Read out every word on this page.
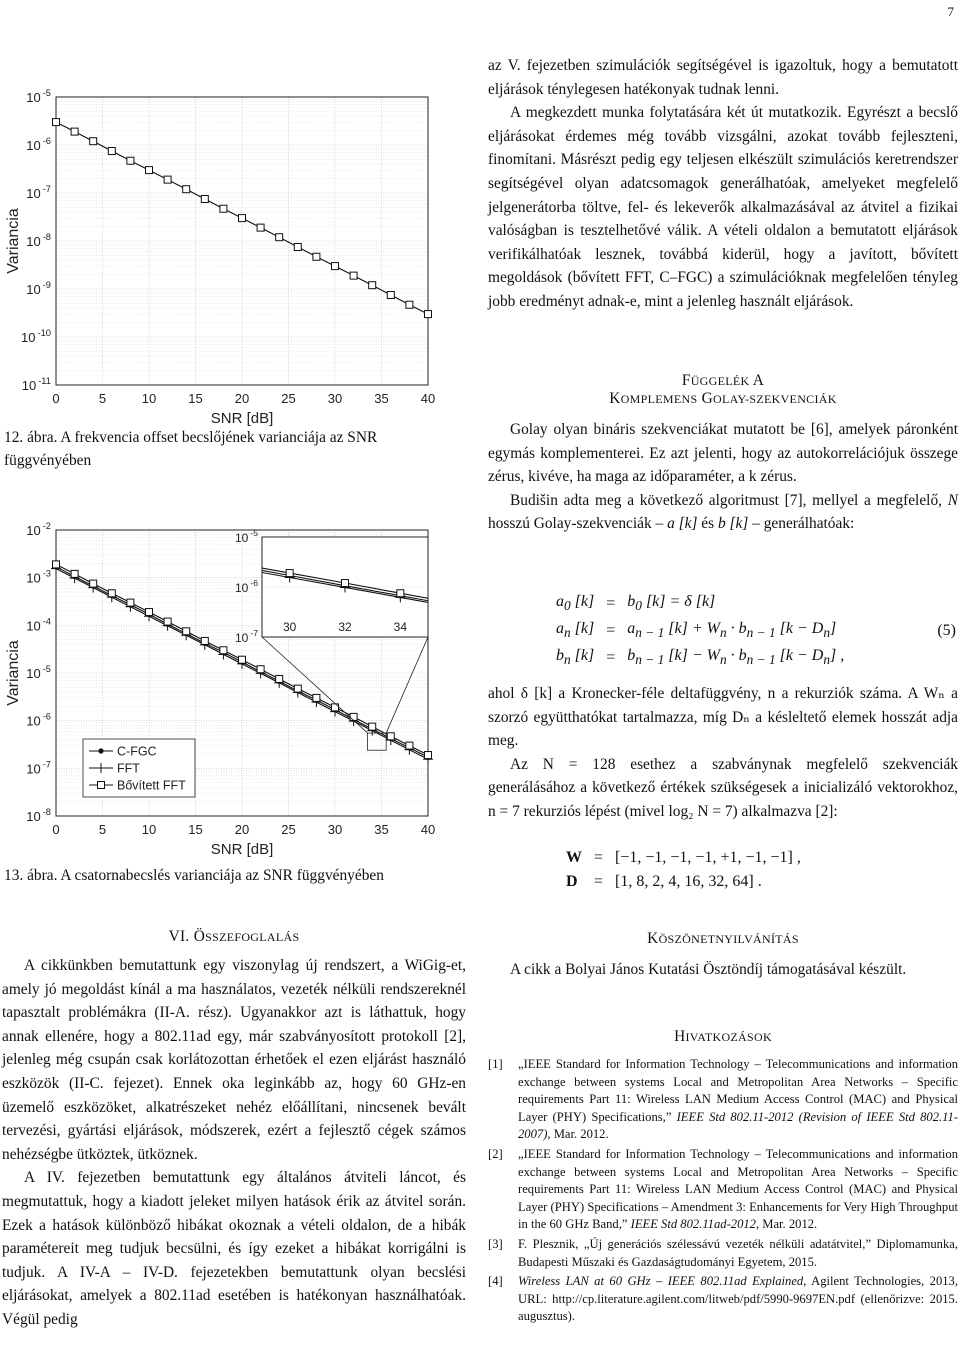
7
0	5	10 15 20 25 30 35 40
10 $^{-5}$
10 $^{-6}$
10 $^{-7}$
10 $^{-8}$
10 $^{-9}$
10 $^{-10}$
10 $^{-11}$
SNR [dB]
Variancia
12. ábra. A frekvencia offset becslőjének varianciája az SNR függvényében
0	5	10 15 20 25 30 35 40
10 $^{-2}$
10 $^{-3}$
10 $^{-4}$
10 $^{-5}$
10 $^{-6}$
10 $^{-7}$
10 $^{-8}$
SNR [dB]
Variancia
10 $^{-5}$
10 $^{-6}$
10 $^{-7}$ 30	32	34
C-FGC
FFT
Bővített FFT
13. ábra. A csatornabecslés varianciája az SNR függvényében
VI. ÖSSZEFOGLALÁS

A cikkünkben bemutattunk egy viszonylag új rendszert, a WiGig-et, amely jó megoldást kínál a ma használatos, vezeték nélküli rendszereknél tapasztalt problémákra (II-A. rész). Ugyanakkor azt is láthattuk, hogy annak ellenére, hogy a 802.11ad egy, már szabványosított protokoll [2], jelenleg még csupán csak korlátozottan érhetőek el ezen eljárást használó eszközök (II-C. fejezet). Ennek oka leginkább az, hogy 60 GHz-en üzemelő eszközöket, alkatrészeket nehéz előállítani, nincsenek bevált tervezési, gyártási eljárások, módszerek, ezért a fejlesztő cégek számos nehézségbe ütköztek, ütköznek.

A IV. fejezetben bemutattunk egy általános átviteli láncot, és megmutattuk, hogy a kiadott jeleket milyen hatások érik az átvitel során. Ezek a hatások különböző hibákat okoznak a vételi oldalon, de a hibák paramétereit meg tudjuk becsülni, és így ezeket a hibákat korrigálni is tudjuk. A IV-A – IV-D. fejezetekben bemutattunk olyan becslési eljárásokat, amelyek a 802.11ad esetében is hatékonyan használhatóak. Végül pedig

az V. fejezetben szimulációk segítségével is igazoltuk, hogy a bemutatott eljárások ténylegesen hatékonyak tudnak lenni.

A megkezdett munka folytatására két út mutatkozik. Egyrészt a becslő eljárásokat érdemes még tovább vizsgálni, azokat tovább fejleszteni, finomítani. Másrészt pedig egy teljesen elkészült szimulációs keretrendszer segítségével olyan adatcsomagok generálhatóak, amelyeket megfelelő jelgenerátorba töltve, fel- és lekeverők alkalmazásával az átvitel a fizikai valóságban is tesztelhetővé válik. A vételi oldalon a bemutatott eljárások verifikálhatóak lesznek, továbbá kiderül, hogy a javított, bővített megoldások (bővített FFT, C–FGC) a szimulációknak megfelelően tényleg jobb eredményt adnak-e, mint a jelenleg használt eljárások.

FÜGGELÉK A
KOMPLEMENS GOLAY-SZEKVENCIÁK

Golay olyan bináris szekvenciákat mutatott be [6], amelyek páronként egymás komplementerei. Ez azt jelenti, hogy az autokorrelációjuk összege zérus, kivéve, ha maga az időparaméter, a k zérus.

Budišin adta meg a következő algoritmust [7], mellyel a megfelelő, N hosszú Golay-szekvenciák – a [k] és b [k] – generálhatóak:

$a_0$ [k]	=	$b_0$ [k] = δ [k]
$a_n$ [k]	=	$a_{n - 1}$ $[k] + W_n \cdot b_{n - 1}$ $[k - D_n]$
$b_n$ [k]	=	$b_{n - 1}$ $[k] - W_n \cdot b_{n - 1}$ $[k - D_n]$ ,
(5)

ahol δ [k] a Kronecker-féle deltafüggvény, n a rekurziók száma. A Wₙ a szorzó együtthatókat tartalmazza, míg Dₙ a késleltető elemek hosszát adja meg.

Az N = 128 esethez a szabványnak megfelelő szekvenciák generálásához a következő értékek szükségesek a inicializáló vektorokhoz, n = 7 rekurziós lépést (mivel log₂ N = 7) alkalmazva [2]:

W	=	[−1, −1, −1, −1, +1, −1, −1] ,
D	=	[1, 8, 2, 4, 16, 32, 64] .
KÖSZÖNETNYILVÁNÍTÁS

A cikk a Bolyai János Kutatási Ösztöndíj támogatásával készült.

HIVATKOZÁSOK
[1]	„IEEE Standard for Information Technology – Telecommunications and information exchange between systems Local and Metropolitan Area Networks – Specific requirements Part 11: Wireless LAN Medium Access Control (MAC) and Physical Layer (PHY) Specifications,” IEEE Std 802.11-2012 (Revision of IEEE Std 802.11-2007), Mar. 2012.
[2]	„IEEE Standard for Information Technology – Telecommunications and information exchange between systems Local and Metropolitan Area Networks – Specific requirements Part 11: Wireless LAN Medium Access Control (MAC) and Physical Layer (PHY) Specifications – Amendment 3: Enhancements for Very High Throughput in the 60 GHz Band,” IEEE Std 802.11ad-2012, Mar. 2012.
[3]	F. Plesznik, „Új generációs szélessávú vezeték nélküli adatátvitel,” Diplomamunka, Budapesti Műszaki és Gazdaságtudományi Egyetem, 2015.
[4]	Wireless LAN at 60 GHz – IEEE 802.11ad Explained, Agilent Technologies, 2013, URL: http://cp.literature.agilent.com/litweb/pdf/5990-9697EN.pdf (ellenőrizve: 2015. augusztus).
